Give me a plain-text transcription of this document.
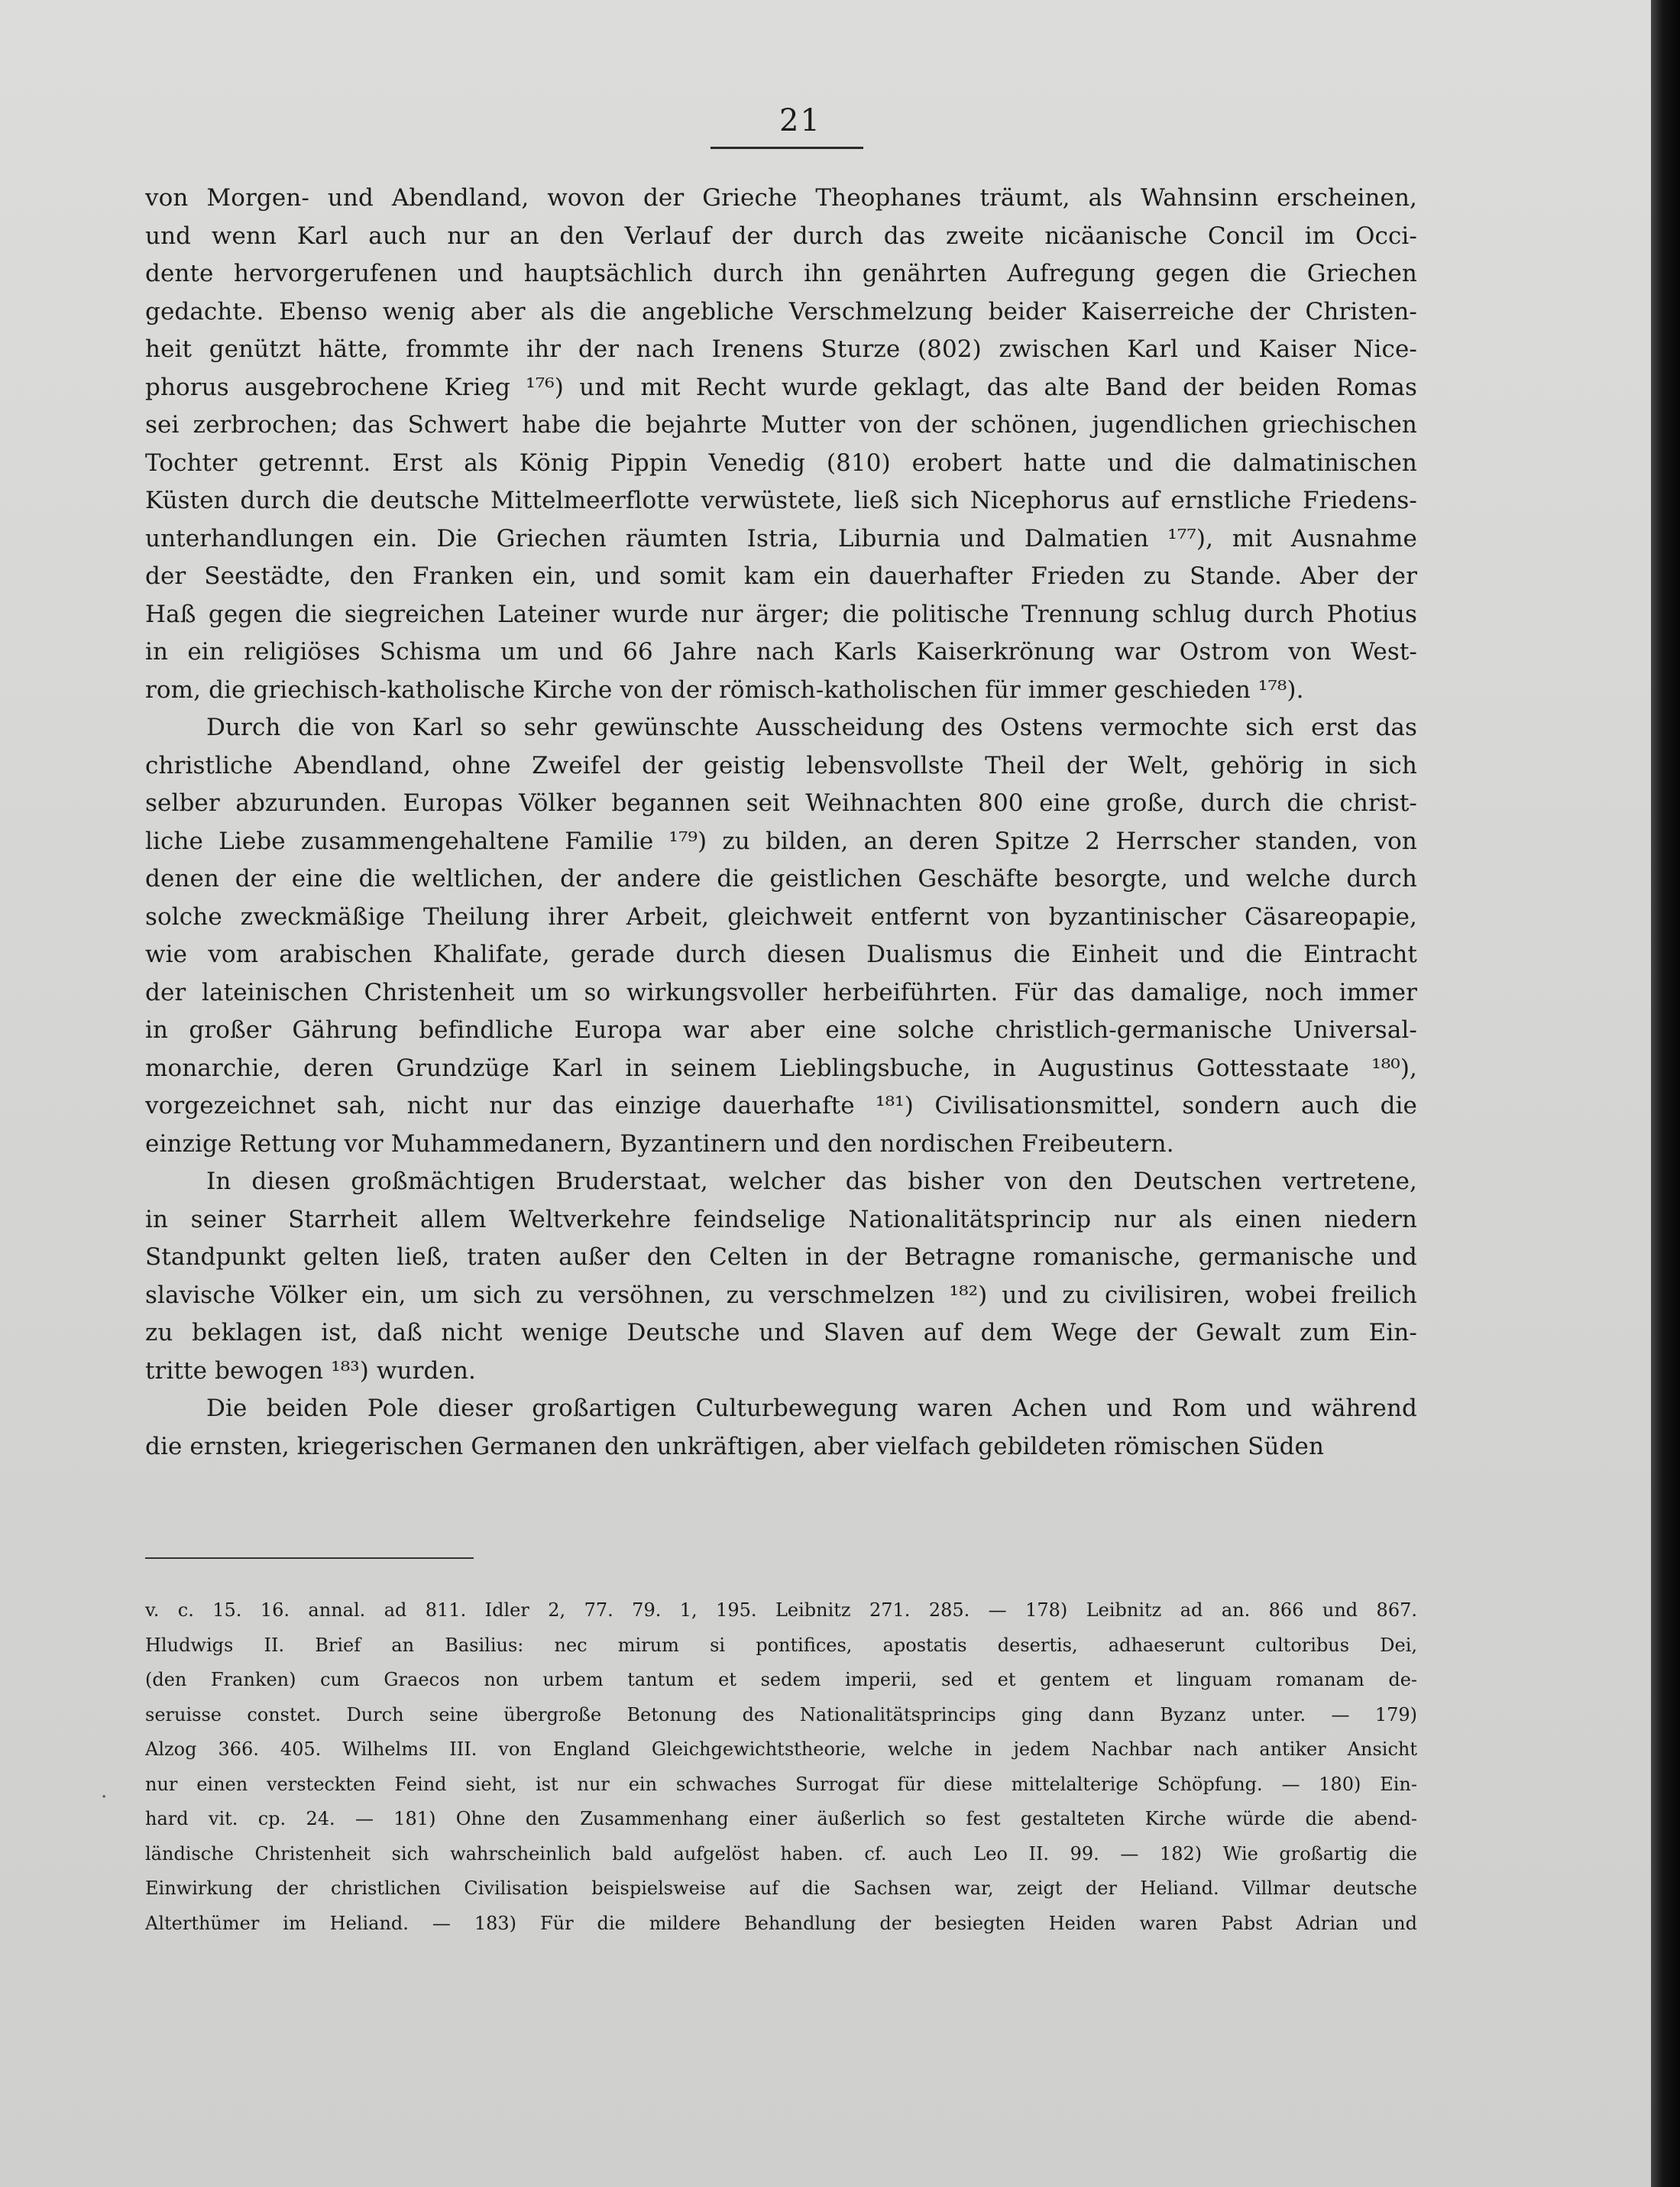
21
von Morgen- und Abendland, wovon der Grieche Theophanes träumt, als Wahnsinn erscheinen,
und wenn Karl auch nur an den Verlauf der durch das zweite nicäanische Concil im Occi-
dente hervorgerufenen und hauptsächlich durch ihn genährten Aufregung gegen die Griechen
gedachte. Ebenso wenig aber als die angebliche Verschmelzung beider Kaiserreiche der Christen-
heit genützt hätte, frommte ihr der nach Irenens Sturze (802) zwischen Karl und Kaiser Nice-
phorus ausgebrochene Krieg ¹⁷⁶) und mit Recht wurde geklagt, das alte Band der beiden Romas
sei zerbrochen; das Schwert habe die bejahrte Mutter von der schönen, jugendlichen griechischen
Tochter getrennt. Erst als König Pippin Venedig (810) erobert hatte und die dalmatinischen
Küsten durch die deutsche Mittelmeerflotte verwüstete, ließ sich Nicephorus auf ernstliche Friedens-
unterhandlungen ein. Die Griechen räumten Istria, Liburnia und Dalmatien ¹⁷⁷), mit Ausnahme
der Seestädte, den Franken ein, und somit kam ein dauerhafter Frieden zu Stande. Aber der
Haß gegen die siegreichen Lateiner wurde nur ärger; die politische Trennung schlug durch Photius
in ein religiöses Schisma um und 66 Jahre nach Karls Kaiserkrönung war Ostrom von West-
rom, die griechisch-katholische Kirche von der römisch-katholischen für immer geschieden ¹⁷⁸).
Durch die von Karl so sehr gewünschte Ausscheidung des Ostens vermochte sich erst das
christliche Abendland, ohne Zweifel der geistig lebensvollste Theil der Welt, gehörig in sich
selber abzurunden. Europas Völker begannen seit Weihnachten 800 eine große, durch die christ-
liche Liebe zusammengehaltene Familie ¹⁷⁹) zu bilden, an deren Spitze 2 Herrscher standen, von
denen der eine die weltlichen, der andere die geistlichen Geschäfte besorgte, und welche durch
solche zweckmäßige Theilung ihrer Arbeit, gleichweit entfernt von byzantinischer Cäsareopapie,
wie vom arabischen Khalifate, gerade durch diesen Dualismus die Einheit und die Eintracht
der lateinischen Christenheit um so wirkungsvoller herbeiführten. Für das damalige, noch immer
in großer Gährung befindliche Europa war aber eine solche christlich-germanische Universal-
monarchie, deren Grundzüge Karl in seinem Lieblingsbuche, in Augustinus Gottesstaate ¹⁸⁰),
vorgezeichnet sah, nicht nur das einzige dauerhafte ¹⁸¹) Civilisationsmittel, sondern auch die
einzige Rettung vor Muhammedanern, Byzantinern und den nordischen Freibeutern.
In diesen großmächtigen Bruderstaat, welcher das bisher von den Deutschen vertretene,
in seiner Starrheit allem Weltverkehre feindselige Nationalitätsprincip nur als einen niedern
Standpunkt gelten ließ, traten außer den Celten in der Betragne romanische, germanische und
slavische Völker ein, um sich zu versöhnen, zu verschmelzen ¹⁸²) und zu civilisiren, wobei freilich
zu beklagen ist, daß nicht wenige Deutsche und Slaven auf dem Wege der Gewalt zum Ein-
tritte bewogen ¹⁸³) wurden.
Die beiden Pole dieser großartigen Culturbewegung waren Achen und Rom und während
die ernsten, kriegerischen Germanen den unkräftigen, aber vielfach gebildeten römischen Süden
v. c. 15. 16. annal. ad 811. Idler 2, 77. 79. 1, 195. Leibnitz 271. 285. — 178) Leibnitz ad an. 866 und 867.
Hludwigs II. Brief an Basilius: nec mirum si pontifices, apostatis desertis, adhaeserunt cultoribus Dei,
(den Franken) cum Graecos non urbem tantum et sedem imperii, sed et gentem et linguam romanam de-
seruisse constet. Durch seine übergroße Betonung des Nationalitätsprincips ging dann Byzanz unter. — 179)
Alzog 366. 405. Wilhelms III. von England Gleichgewichtstheorie, welche in jedem Nachbar nach antiker Ansicht
nur einen versteckten Feind sieht, ist nur ein schwaches Surrogat für diese mittelalterige Schöpfung. — 180) Ein-
hard vit. cp. 24. — 181) Ohne den Zusammenhang einer äußerlich so fest gestalteten Kirche würde die abend-
ländische Christenheit sich wahrscheinlich bald aufgelöst haben. cf. auch Leo II. 99. — 182) Wie großartig die
Einwirkung der christlichen Civilisation beispielsweise auf die Sachsen war, zeigt der Heliand. Villmar deutsche
Alterthümer im Heliand. — 183) Für die mildere Behandlung der besiegten Heiden waren Pabst Adrian und
·
